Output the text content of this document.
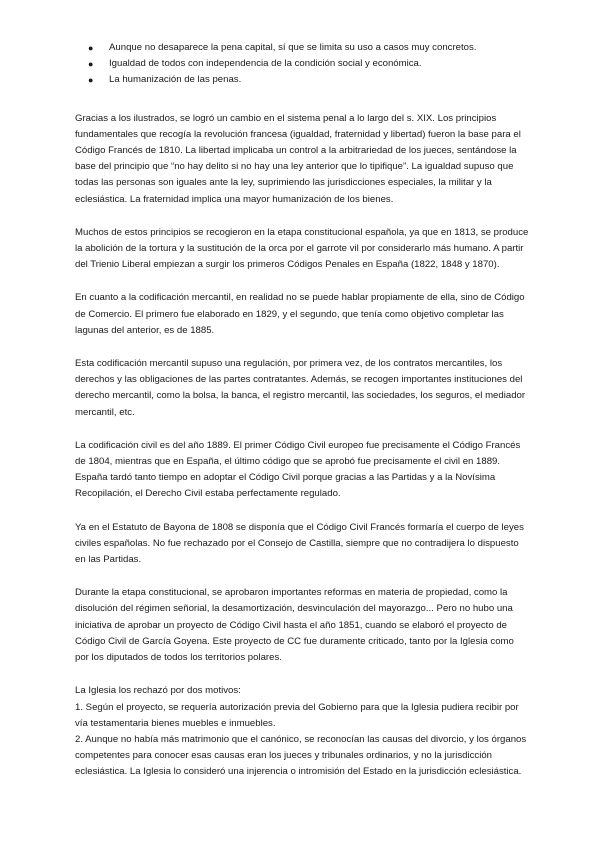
● Aunque no desaparece la pena capital, sí que se limita su uso a casos muy concretos.
● Igualdad de todos con independencia de la condición social y económica.
● La humanización de las penas.

Gracias a los ilustrados, se logró un cambio en el sistema penal a lo largo del s. XIX. Los principios fundamentales que recogía la revolución francesa (igualdad, fraternidad y libertad) fueron la base para el Código Francés de 1810. La libertad implicaba un control a la arbitrariedad de los jueces, sentándose la base del principio que “no hay delito si no hay una ley anterior que lo tipifique”. La igualdad supuso que todas las personas son iguales ante la ley, suprimiendo las jurisdicciones especiales, la militar y la eclesiástica. La fraternidad implica una mayor humanización de los bienes.

Muchos de estos principios se recogieron en la etapa constitucional española, ya que en 1813, se produce la abolición de la tortura y la sustitución de la orca por el garrote vil por considerarlo más humano. A partir del Trienio Liberal empiezan a surgir los primeros Códigos Penales en España (1822, 1848 y 1870).

En cuanto a la codificación mercantil, en realidad no se puede hablar propiamente de ella, sino de Código de Comercio. El primero fue elaborado en 1829, y el segundo, que tenía como objetivo completar las lagunas del anterior, es de 1885.

Esta codificación mercantil supuso una regulación, por primera vez, de los contratos mercantiles, los derechos y las obligaciones de las partes contratantes. Además, se recogen importantes instituciones del derecho mercantil, como la bolsa, la banca, el registro mercantil, las sociedades, los seguros, el mediador mercantil, etc.

La codificación civil es del año 1889. El primer Código Civil europeo fue precisamente el Código Francés de 1804, mientras que en España, el último código que se aprobó fue precisamente el civil en 1889. España tardó tanto tiempo en adoptar el Código Civil porque gracias a las Partidas y a la Novísima Recopilación, el Derecho Civil estaba perfectamente regulado.

Ya en el Estatuto de Bayona de 1808 se disponía que el Código Civil Francés formaría el cuerpo de leyes civiles españolas. No fue rechazado por el Consejo de Castilla, siempre que no contradijera lo dispuesto en las Partidas.

Durante la etapa constitucional, se aprobaron importantes reformas en materia de propiedad, como la disolución del régimen señorial, la desamortización, desvinculación del mayorazgo... Pero no hubo una iniciativa de aprobar un proyecto de Código Civil hasta el año 1851, cuando se elaboró el proyecto de Código Civil de García Goyena. Este proyecto de CC fue duramente criticado, tanto por la Iglesia como por los diputados de todos los territorios polares.

La Iglesia los rechazó por dos motivos:

1. Según el proyecto, se requería autorización previa del Gobierno para que la Iglesia pudiera recibir por vía testamentaria bienes muebles e inmuebles.

2. Aunque no había más matrimonio que el canónico, se reconocían las causas del divorcio, y los órganos competentes para conocer esas causas eran los jueces y tribunales ordinarios, y no la jurisdicción eclesiástica. La Iglesia lo consideró una injerencia o intromisión del Estado en la jurisdicción eclesiástica.
